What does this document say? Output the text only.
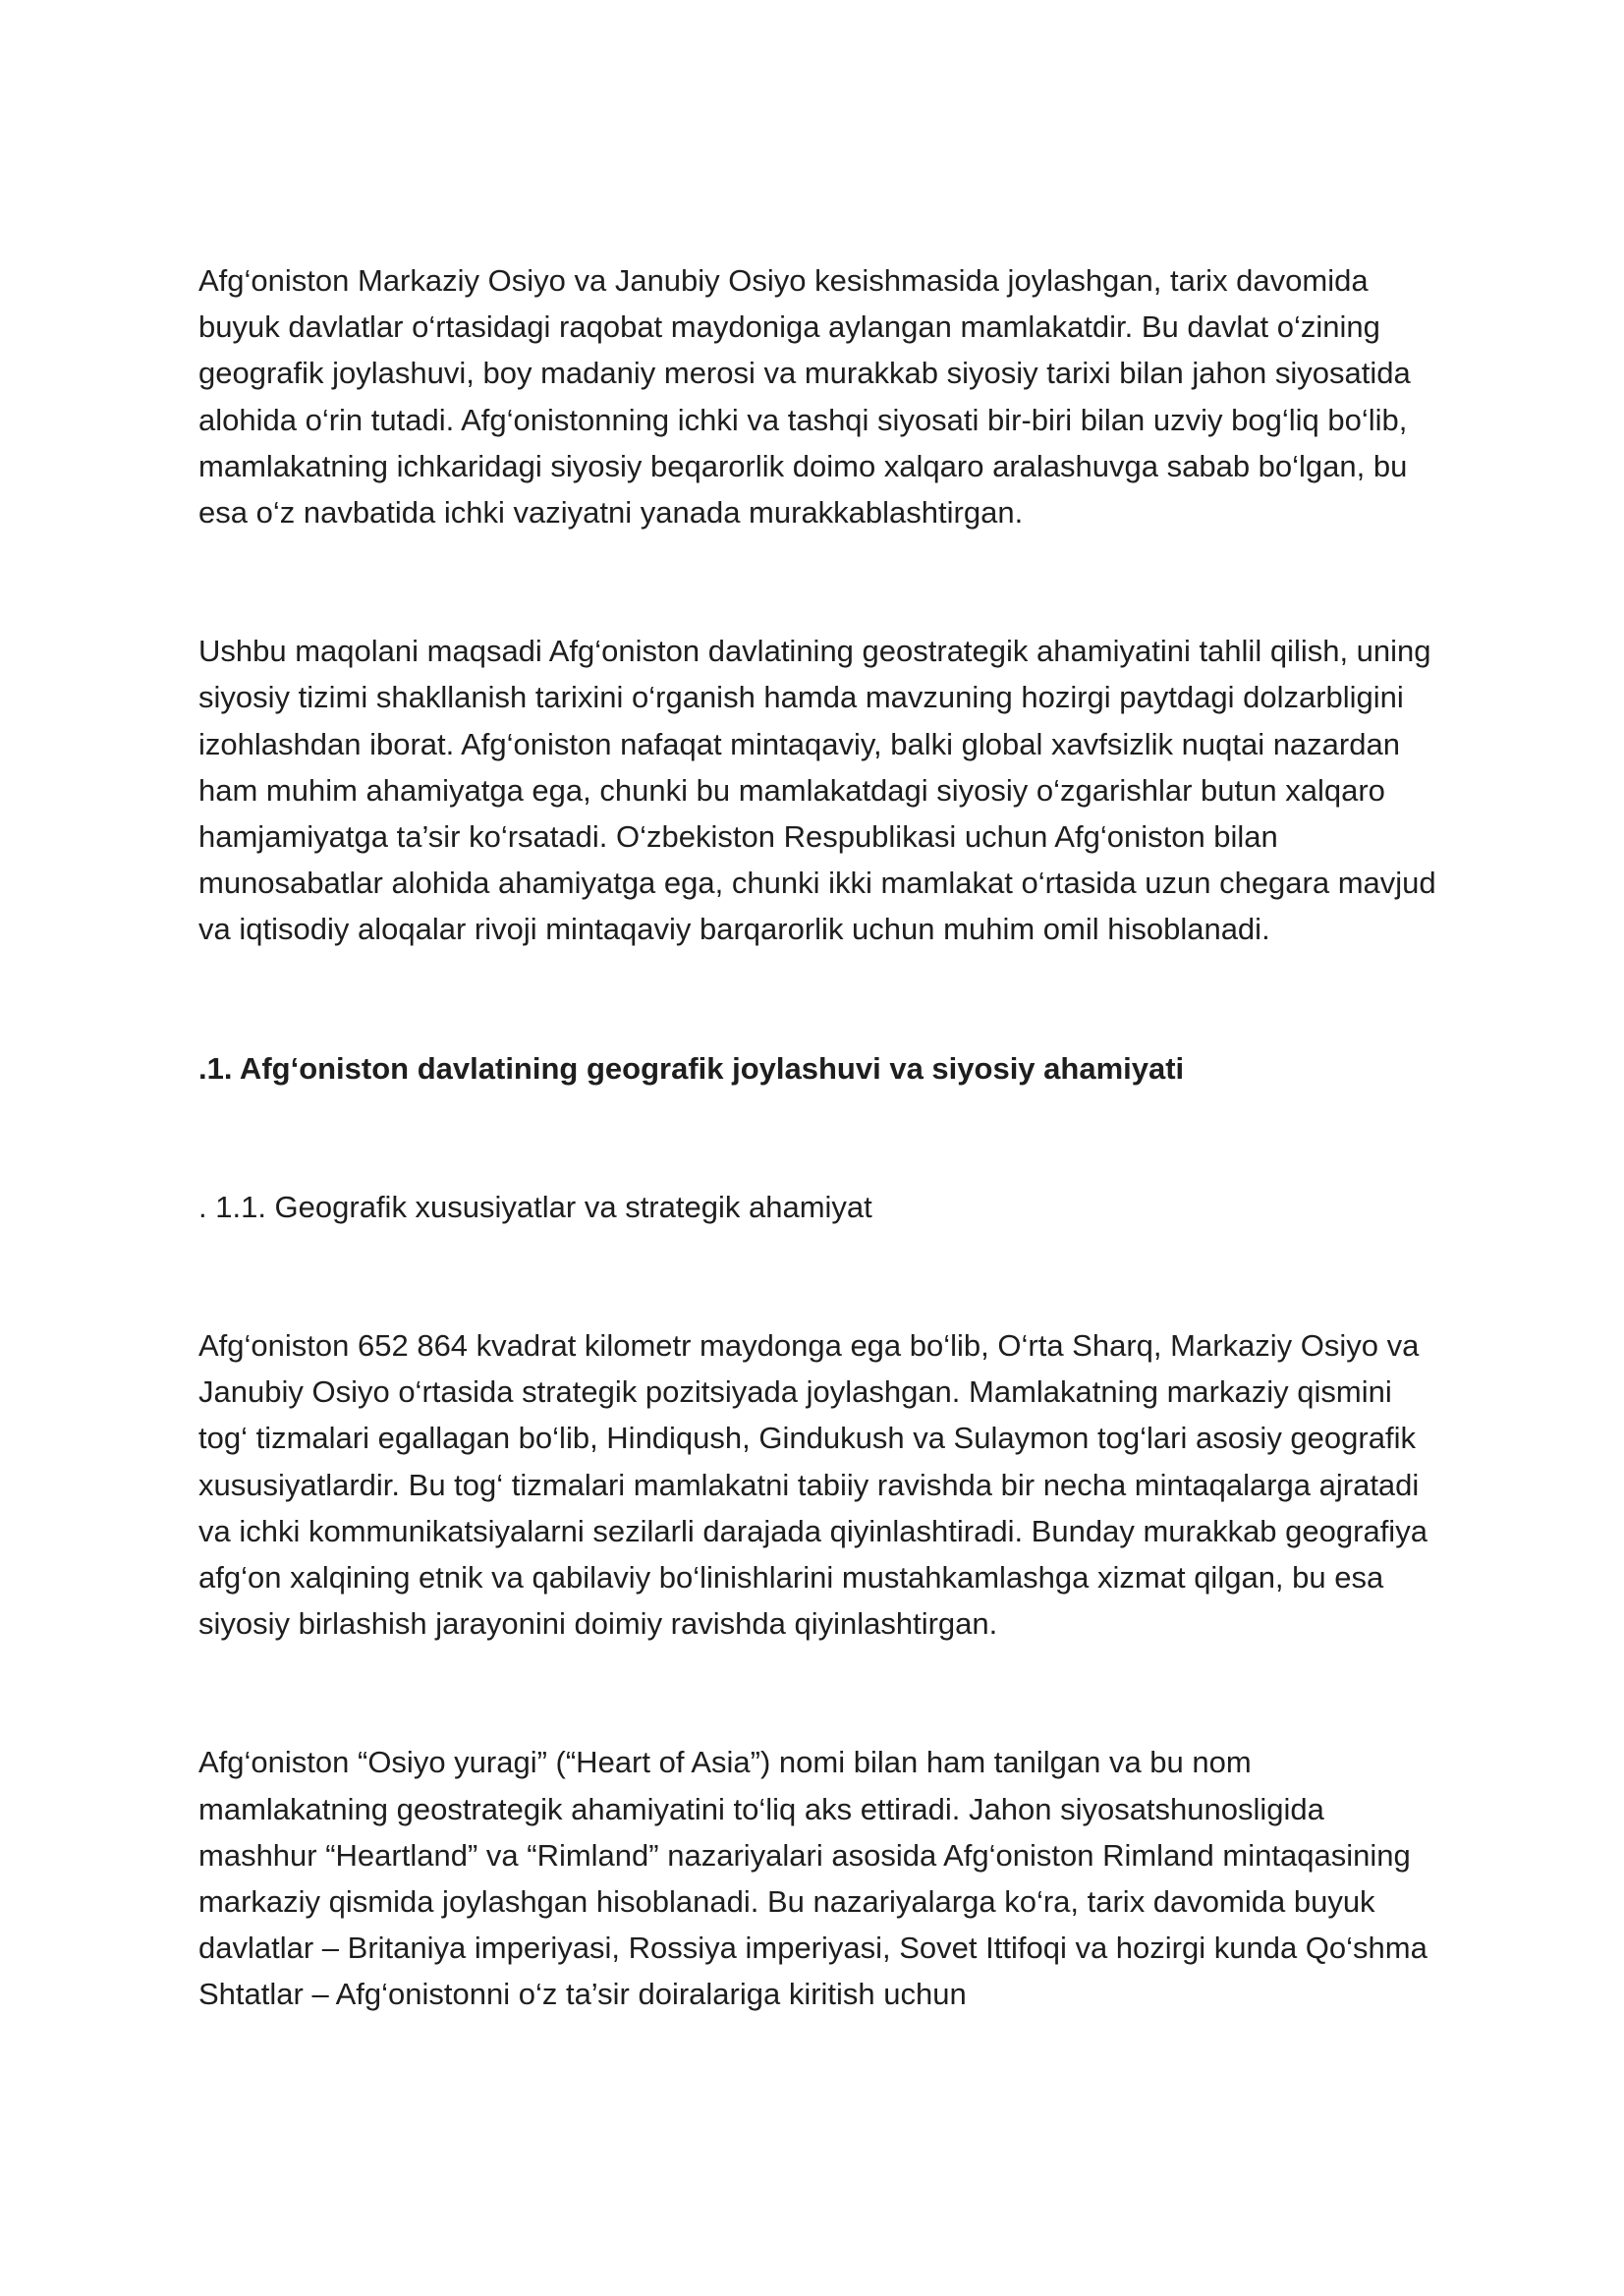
Afg‘oniston Markaziy Osiyo va Janubiy Osiyo kesishmasida joylashgan, tarix davomida buyuk davlatlar o‘rtasidagi raqobat maydoniga aylangan mamlakatdir. Bu davlat o‘zining geografik joylashuvi, boy madaniy merosi va murakkab siyosiy tarixi bilan jahon siyosatida alohida o‘rin tutadi. Afg‘onistonning ichki va tashqi siyosati bir-biri bilan uzviy bog‘liq bo‘lib, mamlakatning ichkaridagi siyosiy beqarorlik doimo xalqaro aralashuvga sabab bo‘lgan, bu esa o‘z navbatida ichki vaziyatni yanada murakkablashtirgan.

Ushbu maqolani maqsadi Afg‘oniston davlatining geostrategik ahamiyatini tahlil qilish, uning siyosiy tizimi shakllanish tarixini o‘rganish hamda mavzuning hozirgi paytdagi dolzarbligini izohlashdan iborat. Afg‘oniston nafaqat mintaqaviy, balki global xavfsizlik nuqtai nazardan ham muhim ahamiyatga ega, chunki bu mamlakatdagi siyosiy o‘zgarishlar butun xalqaro hamjamiyatga ta’sir ko‘rsatadi. O‘zbekiston Respublikasi uchun Afg‘oniston bilan munosabatlar alohida ahamiyatga ega, chunki ikki mamlakat o‘rtasida uzun chegara mavjud va iqtisodiy aloqalar rivoji mintaqaviy barqarorlik uchun muhim omil hisoblanadi.

.1. Afg‘oniston davlatining geografik joylashuvi va siyosiy ahamiyati

. 1.1. Geografik xususiyatlar va strategik ahamiyat

Afg‘oniston 652 864 kvadrat kilometr maydonga ega bo‘lib, O‘rta Sharq, Markaziy Osiyo va Janubiy Osiyo o‘rtasida strategik pozitsiyada joylashgan. Mamlakatning markaziy qismini tog‘ tizmalari egallagan bo‘lib, Hindiqush, Gindukush va Sulaymon tog‘lari asosiy geografik xususiyatlardir. Bu tog‘ tizmalari mamlakatni tabiiy ravishda bir necha mintaqalarga ajratadi va ichki kommunikatsiyalarni sezilarli darajada qiyinlashtiradi. Bunday murakkab geografiya afg‘on xalqining etnik va qabilaviy bo‘linishlarini mustahkamlashga xizmat qilgan, bu esa siyosiy birlashish jarayonini doimiy ravishda qiyinlashtirgan.

Afg‘oniston “Osiyo yuragi” (“Heart of Asia”) nomi bilan ham tanilgan va bu nom mamlakatning geostrategik ahamiyatini to‘liq aks ettiradi. Jahon siyosatshunosligida mashhur “Heartland” va “Rimland” nazariyalari asosida Afg‘oniston Rimland mintaqasining markaziy qismida joylashgan hisoblanadi. Bu nazariyalarga ko‘ra, tarix davomida buyuk davlatlar – Britaniya imperiyasi, Rossiya imperiyasi, Sovet Ittifoqi va hozirgi kunda Qo‘shma Shtatlar – Afg‘onistonni o‘z ta’sir doiralariga kiritish uchun
